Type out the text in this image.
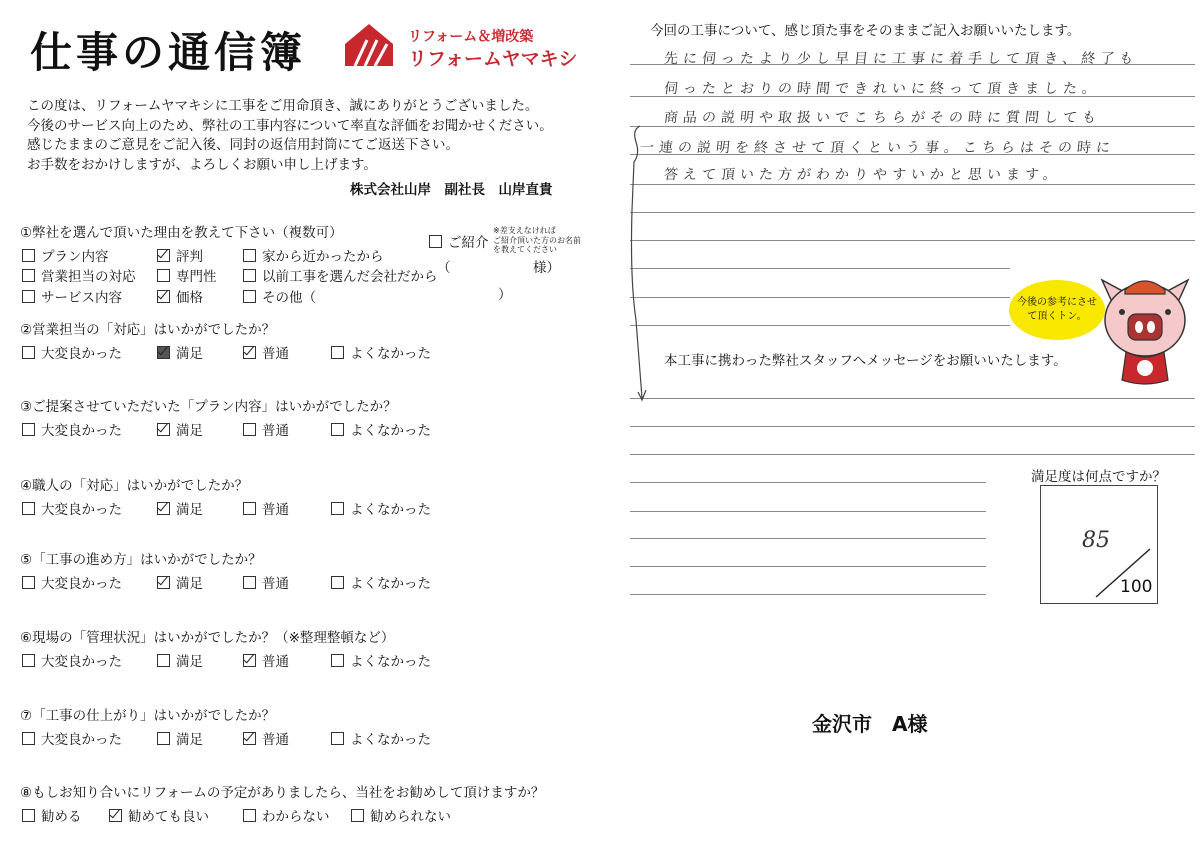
仕事の通信簿	リフォーム＆増改築
リフォームヤマキシ
この度は、リフォームヤマキシに工事をご用命頂き、誠にありがとうございました。
今後のサービス向上のため、弊社の工事内容について率直な評価をお聞かせください。
感じたままのご意見をご記入後、同封の返信用封筒にてご返送下さい。
お手数をおかけしますが、よろしくお願い申し上げます。
株式会社山岸　副社長　山岸直貴
①弊社を選んで頂いた理由を教えて下さい（複数可）
プラン内容	評判	家から近かったから
営業担当の対応	専門性	以前工事を選んだ会社だから
サービス内容	価格	その他（
ご紹介
※差支えなければ
ご紹介頂いた方のお名前
を教えてください
（	様）
）
②営業担当の「対応」はいかがでしたか？
大変良かった	満足	普通	よくなかった
③ご提案させていただいた「プラン内容」はいかがでしたか？
大変良かった	満足	普通	よくなかった
④職人の「対応」はいかがでしたか？
大変良かった	満足	普通	よくなかった
⑤「工事の進め方」はいかがでしたか？
大変良かった	満足	普通	よくなかった
⑥現場の「管理状況」はいかがでしたか？（※整理整頓など）
大変良かった	満足	普通	よくなかった
⑦「工事の仕上がり」はいかがでしたか？
大変良かった	満足	普通	よくなかった
⑧もしお知り合いにリフォームの予定がありましたら、当社をお勧めして頂けますか？
勧める	勧めても良い	わからない	勧められない
今回の工事について、感じ頂た事をそのままご記入お願いいたします。
先に伺ったより少し早目に工事に着手して頂き、終了も
伺ったとおりの時間できれいに終って頂きました。
商品の説明や取扱いでこちらがその時に質問しても
一連の説明を終させて頂くという事。こちらはその時に
答えて頂いた方がわかりやすいかと思います。
今後の参考にさせて頂くトン。
本工事に携わった弊社スタッフへメッセージをお願いいたします。
満足度は何点ですか？
85
100
金沢市　A様
